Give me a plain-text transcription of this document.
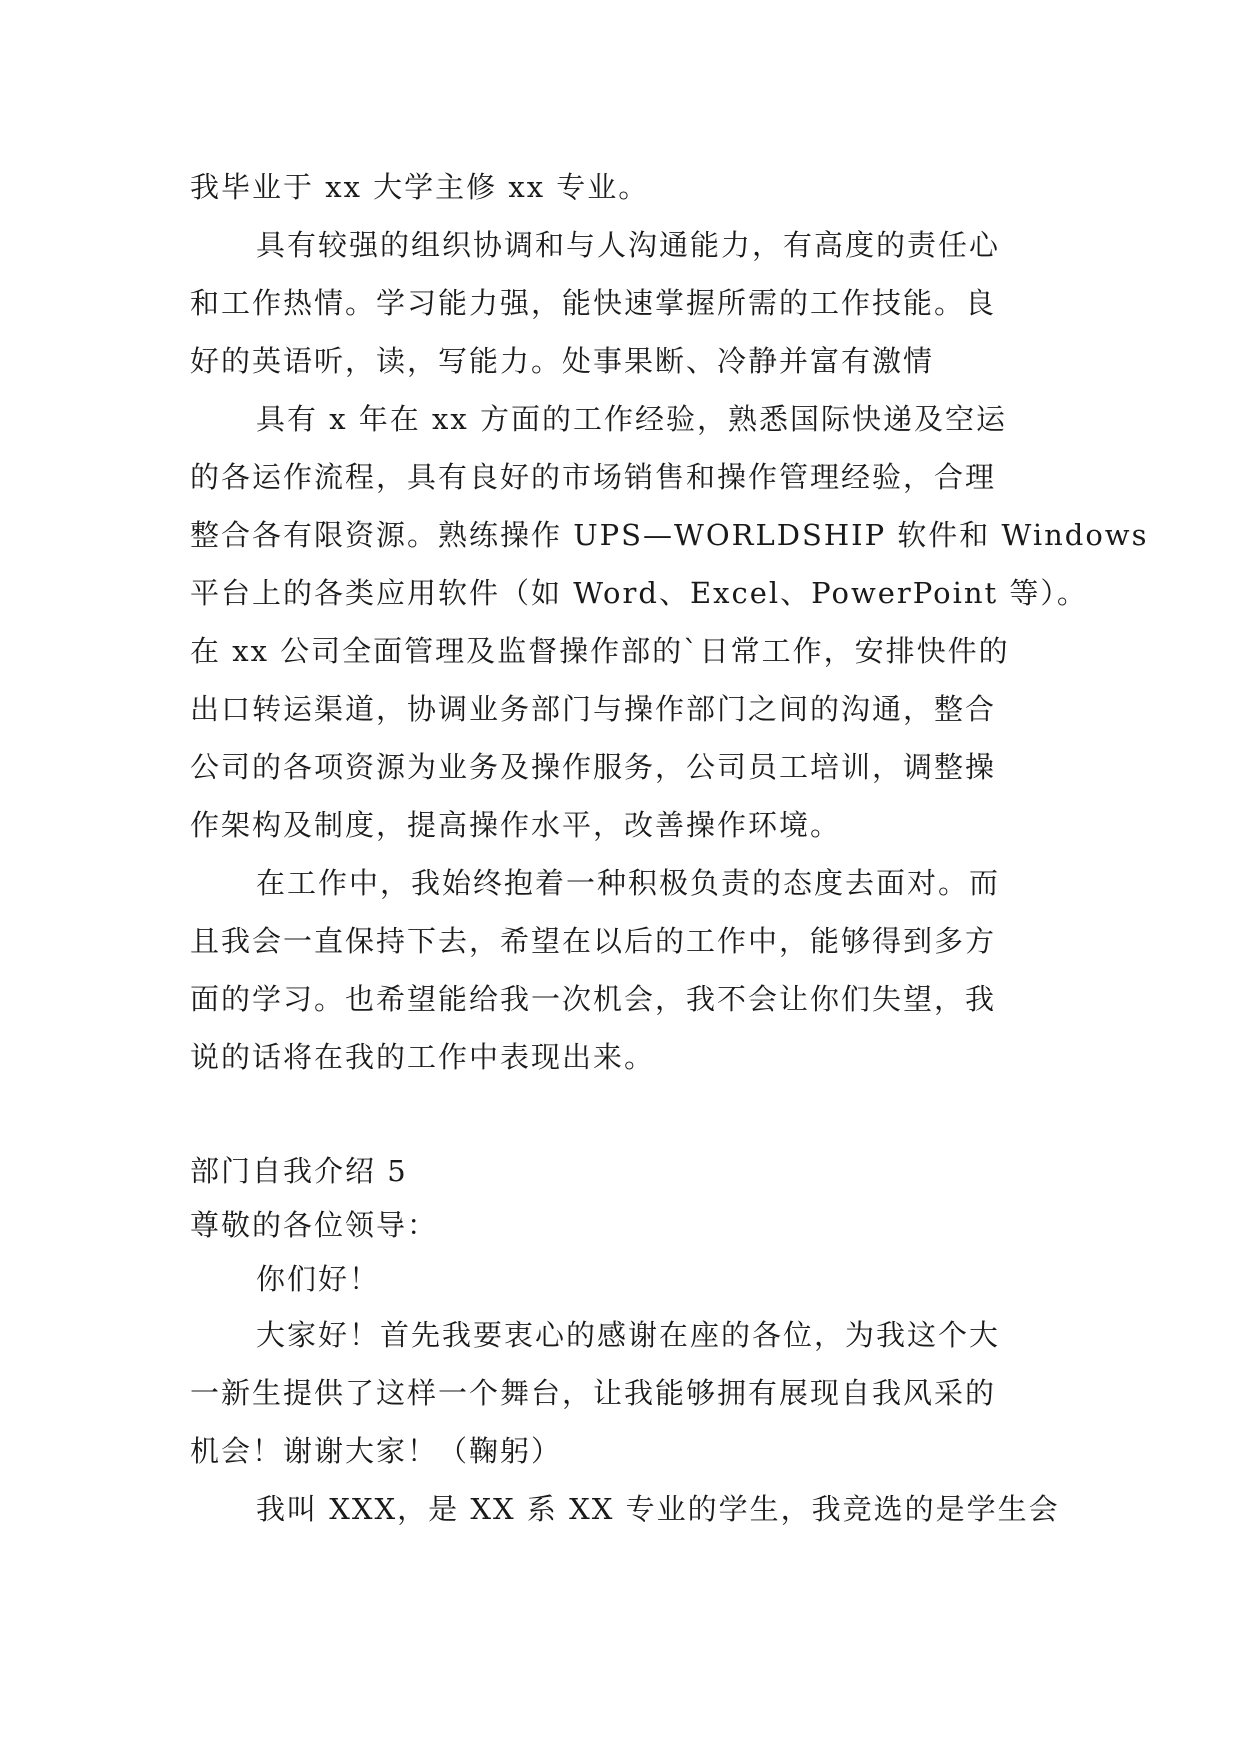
我毕业于 xx 大学主修 xx 专业。

具有较强的组织协调和与人沟通能力，有高度的责任心

和工作热情。学习能力强，能快速掌握所需的工作技能。良

好的英语听，读，写能力。处事果断、冷静并富有激情

具有 x 年在 xx 方面的工作经验，熟悉国际快递及空运

的各运作流程，具有良好的市场销售和操作管理经验，合理

整合各有限资源。熟练操作 UPS—WORLDSHIP 软件和 Windows

平台上的各类应用软件（如 Word、Excel、PowerPoint 等）。

在 xx 公司全面管理及监督操作部的`日常工作，安排快件的

出口转运渠道，协调业务部门与操作部门之间的沟通，整合

公司的各项资源为业务及操作服务，公司员工培训，调整操

作架构及制度，提高操作水平，改善操作环境。

在工作中，我始终抱着一种积极负责的态度去面对。而

且我会一直保持下去，希望在以后的工作中，能够得到多方

面的学习。也希望能给我一次机会，我不会让你们失望，我

说的话将在我的工作中表现出来。

部门自我介绍 5

尊敬的各位领导：

你们好！

大家好！首先我要衷心的感谢在座的各位，为我这个大

一新生提供了这样一个舞台，让我能够拥有展现自我风采的

机会！谢谢大家！（鞠躬）

我叫 XXX，是 XX 系 XX 专业的学生，我竞选的是学生会
